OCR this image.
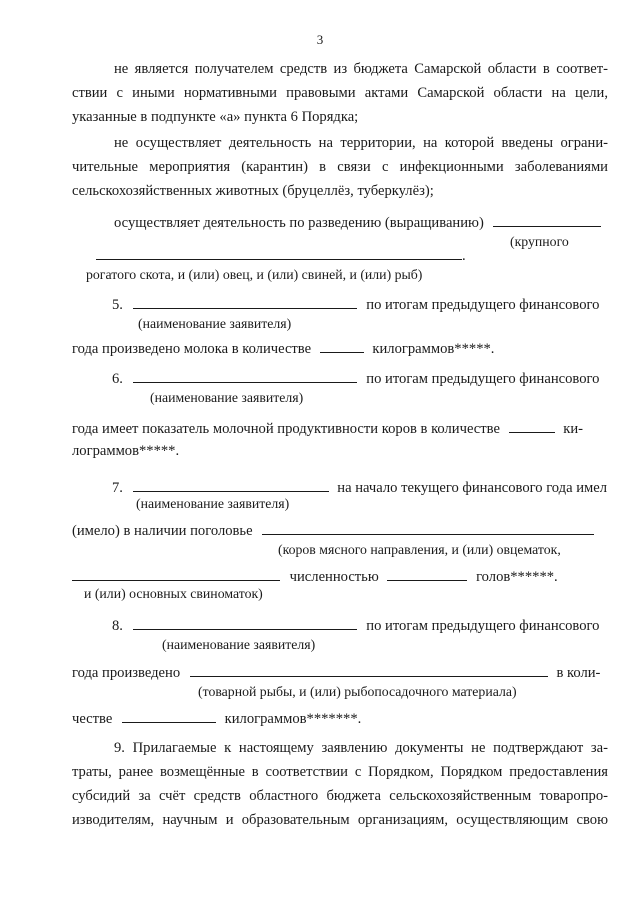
3
не является получателем средств из бюджета Самарской области в соответ-
ствии с иными нормативными правовыми актами Самарской области на цели,
указанные в подпункте «а» пункта 6 Порядка;
не осуществляет деятельность на территории, на которой введены ограни-
чительные мероприятия (карантин) в связи с инфекционными заболеваниями
сельскохозяйственных животных (бруцеллёз, туберкулёз);
осуществляет деятельность по разведению (выращиванию)
(крупного
.
рогатого скота, и (или) овец, и (или) свиней, и (или) рыб)
5.	по итогам предыдущего финансового
(наименование заявителя)
года произведено молока в количестве	килограммов*****.
6.	по итогам предыдущего финансового
(наименование заявителя)
года имеет показатель молочной продуктивности коров в количестве	ки-
лограммов*****.
7.	на начало текущего финансового года имел
(наименование заявителя)
(имело) в наличии поголовье
(коров мясного направления, и (или) овцематок,
численностью	голов******.
и (или) основных свиноматок)
8.	по итогам предыдущего финансового
(наименование заявителя)
года произведено	в коли-
(товарной рыбы, и (или) рыбопосадочного материала)
честве	килограммов*******.
9. Прилагаемые к настоящему заявлению документы не подтверждают за-
траты, ранее возмещённые в соответствии с Порядком, Порядком предоставления
субсидий за счёт средств областного бюджета сельскохозяйственным товаропро-
изводителям, научным и образовательным организациям, осуществляющим свою
